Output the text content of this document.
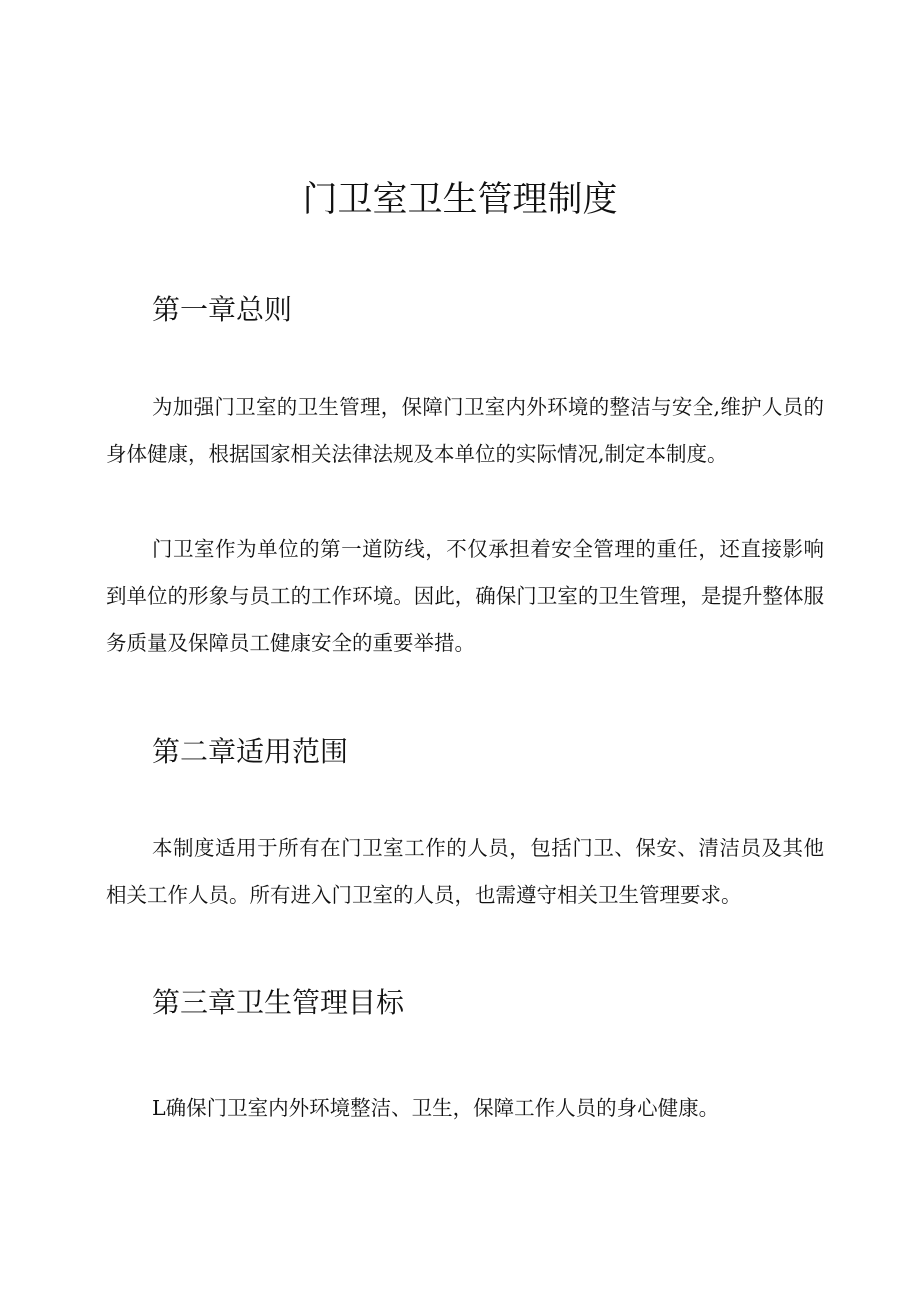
门卫室卫生管理制度
第一章总则

为加强门卫室的卫生管理，保障门卫室内外环境的整洁与安全,维护人员的身体健康，根据国家相关法律法规及本单位的实际情况,制定本制度。

门卫室作为单位的第一道防线，不仅承担着安全管理的重任，还直接影响到单位的形象与员工的工作环境。因此，确保门卫室的卫生管理，是提升整体服务质量及保障员工健康安全的重要举措。

第二章适用范围

本制度适用于所有在门卫室工作的人员，包括门卫、保安、清洁员及其他相关工作人员。所有进入门卫室的人员，也需遵守相关卫生管理要求。

第三章卫生管理目标

L确保门卫室内外环境整洁、卫生，保障工作人员的身心健康。
